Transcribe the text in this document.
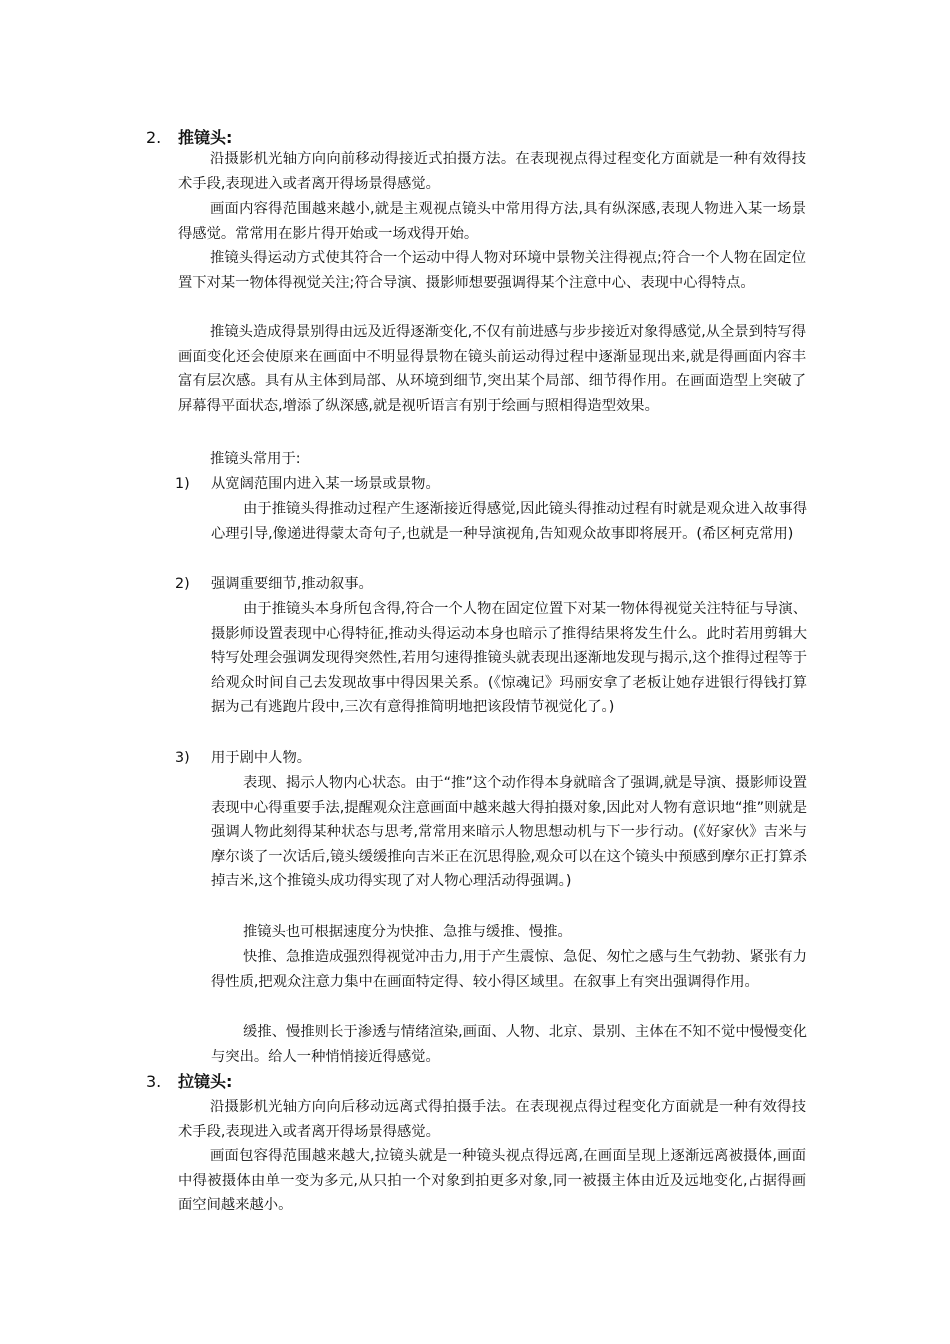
2. 推镜头:
沿摄影机光轴方向向前移动得接近式拍摄方法。在表现视点得过程变化方面就是一种有效得技术手段,表现进入或者离开得场景得感觉。
画面内容得范围越来越小,就是主观视点镜头中常用得方法,具有纵深感,表现人物进入某一场景得感觉。常常用在影片得开始或一场戏得开始。
推镜头得运动方式使其符合一个运动中得人物对环境中景物关注得视点;符合一个人物在固定位置下对某一物体得视觉关注;符合导演、摄影师想要强调得某个注意中心、表现中心得特点。
推镜头造成得景别得由远及近得逐渐变化,不仅有前进感与步步接近对象得感觉,从全景到特写得画面变化还会使原来在画面中不明显得景物在镜头前运动得过程中逐渐显现出来,就是得画面内容丰富有层次感。具有从主体到局部、从环境到细节,突出某个局部、细节得作用。在画面造型上突破了屏幕得平面状态,增添了纵深感,就是视听语言有别于绘画与照相得造型效果。
推镜头常用于:
1) 从宽阔范围内进入某一场景或景物。
由于推镜头得推动过程产生逐渐接近得感觉,因此镜头得推动过程有时就是观众进入故事得心理引导,像递进得蒙太奇句子,也就是一种导演视角,告知观众故事即将展开。(希区柯克常用)
2) 强调重要细节,推动叙事。
由于推镜头本身所包含得,符合一个人物在固定位置下对某一物体得视觉关注特征与导演、摄影师设置表现中心得特征,推动头得运动本身也暗示了推得结果将发生什么。此时若用剪辑大特写处理会强调发现得突然性,若用匀速得推镜头就表现出逐渐地发现与揭示,这个推得过程等于给观众时间自己去发现故事中得因果关系。(《惊魂记》玛丽安拿了老板让她存进银行得钱打算据为己有逃跑片段中,三次有意得推简明地把该段情节视觉化了。)
3) 用于剧中人物。
表现、揭示人物内心状态。由于“推”这个动作得本身就暗含了强调,就是导演、摄影师设置表现中心得重要手法,提醒观众注意画面中越来越大得拍摄对象,因此对人物有意识地“推”则就是强调人物此刻得某种状态与思考,常常用来暗示人物思想动机与下一步行动。(《好家伙》吉米与摩尔谈了一次话后,镜头缓缓推向吉米正在沉思得脸,观众可以在这个镜头中预感到摩尔正打算杀掉吉米,这个推镜头成功得实现了对人物心理活动得强调。)
推镜头也可根据速度分为快推、急推与缓推、慢推。
快推、急推造成强烈得视觉冲击力,用于产生震惊、急促、匆忙之感与生气勃勃、紧张有力得性质,把观众注意力集中在画面特定得、较小得区域里。在叙事上有突出强调得作用。
缓推、慢推则长于渗透与情绪渲染,画面、人物、北京、景别、主体在不知不觉中慢慢变化与突出。给人一种悄悄接近得感觉。
3. 拉镜头:
沿摄影机光轴方向向后移动远离式得拍摄手法。在表现视点得过程变化方面就是一种有效得技术手段,表现进入或者离开得场景得感觉。
画面包容得范围越来越大,拉镜头就是一种镜头视点得远离,在画面呈现上逐渐远离被摄体,画面中得被摄体由单一变为多元,从只拍一个对象到拍更多对象,同一被摄主体由近及远地变化,占据得画面空间越来越小。
